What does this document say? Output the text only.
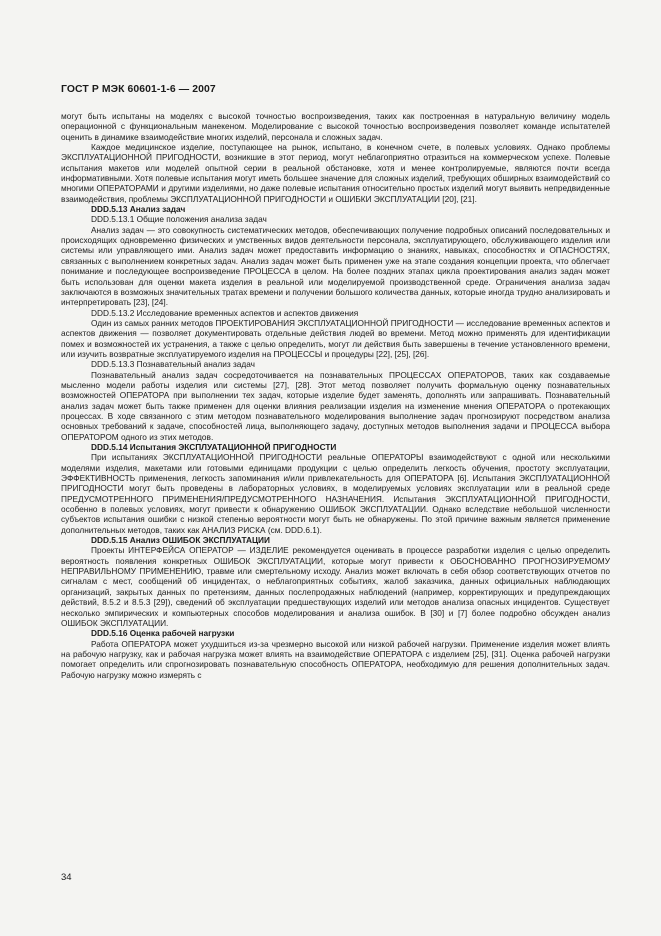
ГОСТ Р МЭК 60601-1-6 — 2007

могут быть испытаны на моделях с высокой точностью воспроизведения, таких как построенная в натуральную величину модель операционной с функциональным манекеном. Моделирование с высокой точностью воспроизведения позволяет команде испытателей оценить в динамике взаимодействие многих изделий, персонала и сложных задач.

Каждое медицинское изделие, поступающее на рынок, испытано, в конечном счете, в полевых условиях. Однако проблемы ЭКСПЛУАТАЦИОННОЙ ПРИГОДНОСТИ, возникшие в этот период, могут неблагоприятно отразиться на коммерческом успехе. Полевые испытания макетов или моделей опытной серии в реальной обстановке, хотя и менее контролируемые, являются почти всегда информативными. Хотя полевые испытания могут иметь большее значение для сложных изделий, требующих обширных взаимодействий со многими ОПЕРАТОРАМИ и другими изделиями, но даже полевые испытания относительно простых изделий могут выявить непредвиденные взаимодействия, проблемы ЭКСПЛУАТАЦИОННОЙ ПРИГОДНОСТИ и ОШИБКИ ЭКСПЛУАТАЦИИ [20], [21].

DDD.5.13 Анализ задач

DDD.5.13.1 Общие положения анализа задач

Анализ задач — это совокупность систематических методов, обеспечивающих получение подробных описаний последовательных и происходящих одновременно физических и умственных видов деятельности персонала, эксплуатирующего, обслуживающего изделия или системы или управляющего ими. Анализ задач может предоставить информацию о знаниях, навыках, способностях и ОПАСНОСТЯХ, связанных с выполнением конкретных задач. Анализ задач может быть применен уже на этапе создания концепции проекта, что облегчает понимание и последующее воспроизведение ПРОЦЕССА в целом. На более поздних этапах цикла проектирования анализ задач может быть использован для оценки макета изделия в реальной или моделируемой производственной среде. Ограничения анализа задач заключаются в возможных значительных тратах времени и получении большого количества данных, которые иногда трудно анализировать и интерпретировать [23], [24].

DDD.5.13.2 Исследование временных аспектов и аспектов движения

Один из самых ранних методов ПРОЕКТИРОВАНИЯ ЭКСПЛУАТАЦИОННОЙ ПРИГОДНОСТИ — исследование временных аспектов и аспектов движения — позволяет документировать отдельные действия людей во времени. Метод можно применять для идентификации помех и возможностей их устранения, а также с целью определить, могут ли действия быть завершены в течение установленного времени, или изучить возвратные эксплуатируемого изделия на ПРОЦЕССЫ и процедуры [22], [25], [26].

DDD.5.13.3 Познавательный анализ задач

Познавательный анализ задач сосредоточивается на познавательных ПРОЦЕССАХ ОПЕРАТОРОВ, таких как создаваемые мысленно модели работы изделия или системы [27], [28]. Этот метод позволяет получить формальную оценку познавательных возможностей ОПЕРАТОРА при выполнении тех задач, которые изделие будет заменять, дополнять или запрашивать. Познавательный анализ задач может быть также применен для оценки влияния реализации изделия на изменение мнения ОПЕРАТОРА о протекающих процессах. В ходе связанного с этим методом познавательного моделирования выполнение задач прогнозируют посредством анализа основных требований к задаче, способностей лица, выполняющего задачу, доступных методов выполнения задачи и ПРОЦЕССА выбора ОПЕРАТОРОМ одного из этих методов.

DDD.5.14 Испытания ЭКСПЛУАТАЦИОННОЙ ПРИГОДНОСТИ

При испытаниях ЭКСПЛУАТАЦИОННОЙ ПРИГОДНОСТИ реальные ОПЕРАТОРЫ взаимодействуют с одной или несколькими моделями изделия, макетами или готовыми единицами продукции с целью определить легкость обучения, простоту эксплуатации, ЭФФЕКТИВНОСТЬ применения, легкость запоминания и/или привлекательность для ОПЕРАТОРА [6]. Испытания ЭКСПЛУАТАЦИОННОЙ ПРИГОДНОСТИ могут быть проведены в лабораторных условиях, в моделируемых условиях эксплуатации или в реальной среде ПРЕДУСМОТРЕННОГО ПРИМЕНЕНИЯ/ПРЕДУСМОТРЕННОГО НАЗНАЧЕНИЯ. Испытания ЭКСПЛУАТАЦИОННОЙ ПРИГОДНОСТИ, особенно в полевых условиях, могут привести к обнаружению ОШИБОК ЭКСПЛУАТАЦИИ. Однако вследствие небольшой численности субъектов испытания ошибки с низкой степенью вероятности могут быть не обнаружены. По этой причине важным является применение дополнительных методов, таких как АНАЛИЗ РИСКА (см. DDD.6.1).

DDD.5.15 Анализ ОШИБОК ЭКСПЛУАТАЦИИ

Проекты ИНТЕРФЕЙСА ОПЕРАТОР — ИЗДЕЛИЕ рекомендуется оценивать в процессе разработки изделия с целью определить вероятность появления конкретных ОШИБОК ЭКСПЛУАТАЦИИ, которые могут привести к ОБОСНОВАННО ПРОГНОЗИРУЕМОМУ НЕПРАВИЛЬНОМУ ПРИМЕНЕНИЮ, травме или смертельному исходу. Анализ может включать в себя обзор соответствующих отчетов по сигналам с мест, сообщений об инцидентах, о неблагоприятных событиях, жалоб заказчика, данных официальных наблюдающих организаций, закрытых данных по претензиям, данных послепродажных наблюдений (например, корректирующих и предупреждающих действий, 8.5.2 и 8.5.3 [29]), сведений об эксплуатации предшествующих изделий или методов анализа опасных инцидентов. Существует несколько эмпирических и компьютерных способов моделирования и анализа ошибок. В [30] и [7] более подробно обсужден анализ ОШИБОК ЭКСПЛУАТАЦИИ.

DDD.5.16 Оценка рабочей нагрузки

Работа ОПЕРАТОРА может ухудшиться из-за чрезмерно высокой или низкой рабочей нагрузки. Применение изделия может влиять на рабочую нагрузку, как и рабочая нагрузка может влиять на взаимодействие ОПЕРАТОРА с изделием [25], [31]. Оценка рабочей нагрузки помогает определить или спрогнозировать познавательную способность ОПЕРАТОРА, необходимую для решения дополнительных задач. Рабочую нагрузку можно измерять с

34
